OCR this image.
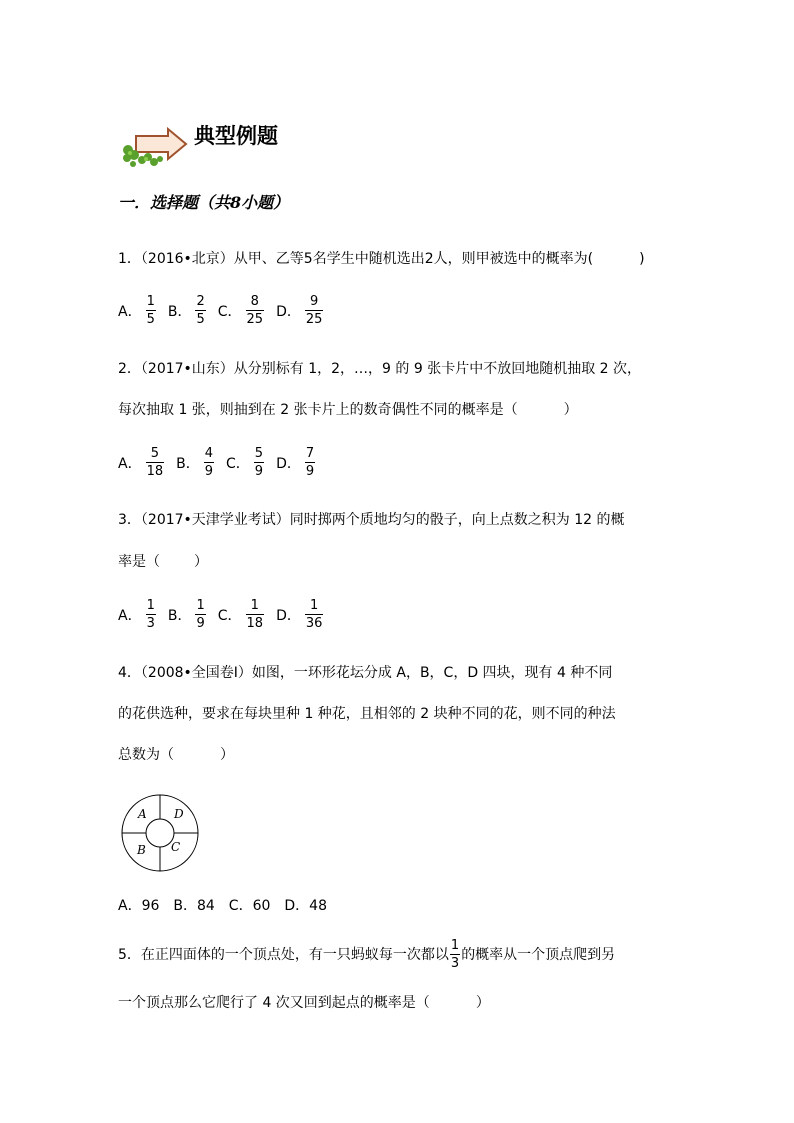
典型例题
一．选择题（共8小题）
1．（2016•北京）从甲、乙等5名学生中随机选出2人，则甲被选中的概率为(	)
A． $\frac{1}{5}$ B． $\frac{2}{5}$ C． $\frac{8}{25}$ D． $\frac{9}{25}$
2．（2017•山东）从分别标有 1，2，…，9 的 9 张卡片中不放回地随机抽取 2 次，
每次抽取 1 张，则抽到在 2 张卡片上的数奇偶性不同的概率是（	）
A． $\frac{5}{18}$ B． $\frac{4}{9}$ C． $\frac{5}{9}$ D． $\frac{7}{9}$
3．（2017•天津学业考试）同时掷两个质地均匀的骰子，向上点数之积为 12 的概
率是（ ）
A． $\frac{1}{3}$ B． $\frac{1}{9}$ C． $\frac{1}{18}$ D． $\frac{1}{36}$
4．（2008•全国卷Ⅰ）如图，一环形花坛分成 A，B，C，D 四块，现有 4 种不同
的花供选种，要求在每块里种 1 种花，且相邻的 2 块种不同的花，则不同的种法
总数为（	）
A D
B C
A．96　B．84　C．60　D．48
5．在正四面体的一个顶点处，有一只蚂蚁每一次都以 $\frac{1}{3}$ 的概率从一个顶点爬到另
一个顶点那么它爬行了 4 次又回到起点的概率是（	）
